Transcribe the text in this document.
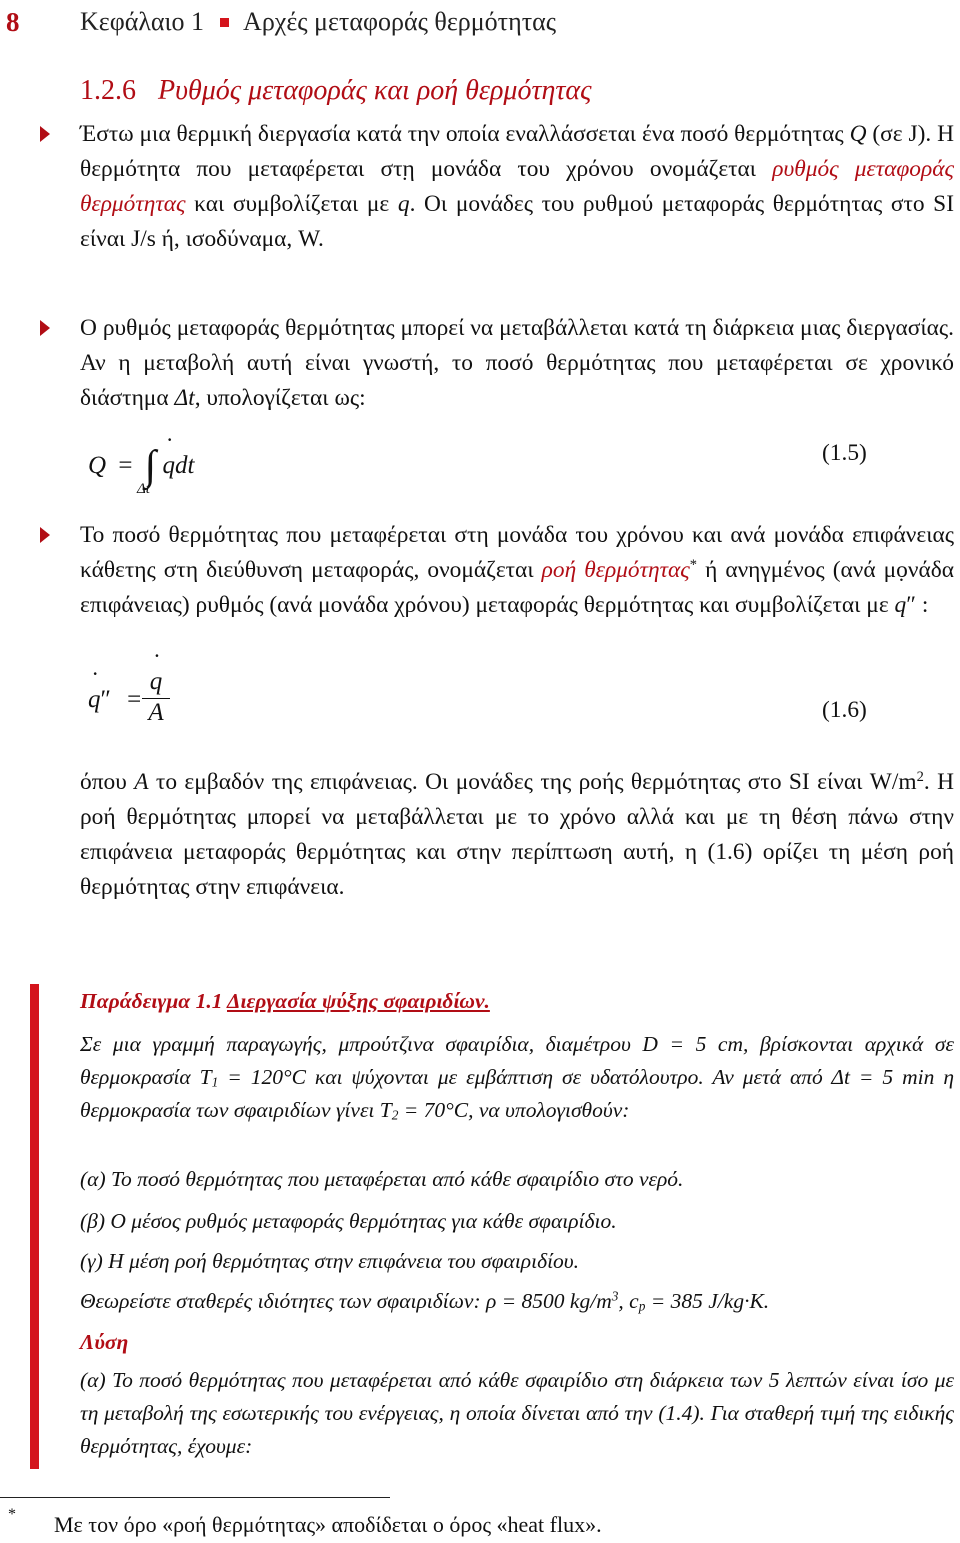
8	Κεφάλαιο 1 Αρχές μεταφοράς θερμότητας
1.2.6 Ρυθμός μεταφοράς και ροή θερμότητας
Έστω μια θερμική διεργασία κατά την οποία εναλλάσσεται ένα ποσό θερμότητας Q (σε J). Η θερμότητα που μεταφέρεται στη μονάδα του χρόνου ονομάζεται ρυθμός μεταφοράς θερμότητας και συμβολίζεται με ˙ q. Οι μονάδες του ρυθμού μεταφοράς θερμότητας στο SI είναι J/s ή, ισοδύναμα, W.
Ο ρυθμός μεταφοράς θερμότητας μπορεί να μεταβάλλεται κατά τη διάρκεια μιας διεργασίας. Αν η μεταβολή αυτή είναι γνωστή, το ποσό θερμότητας που μεταφέρεται σε χρονικό διάστημα Δt, υπολογίζεται ως:
Q = ∫ ˙ qdt
Δt
(1.5)
Το ποσό θερμότητας που μεταφέρεται στη μονάδα του χρόνου και ανά μονάδα επιφάνειας κάθετης στη διεύθυνση μεταφοράς, ονομάζεται ροή θερμότητας* ή ανηγμένος (ανά μονάδα επιφάνειας) ρυθμός (ανά μονάδα χρόνου) μεταφοράς θερμότητας και συμβολίζεται με ˙ q″ :
˙ q″ =
˙ q
A	(1.6)
όπου A το εμβαδόν της επιφάνειας. Οι μονάδες της ροής θερμότητας στο SI είναι $W/m^2$. Η ροή θερμότητας μπορεί να μεταβάλλεται με το χρόνο αλλά και με τη θέση πάνω στην επιφάνεια μεταφοράς θερμότητας και στην περίπτωση αυτή, η (1.6) ορίζει τη μέση ροή θερμότητας στην επιφάνεια.
Παράδειγμα 1.1 Διεργασία ψύξης σφαιριδίων.
Σε μια γραμμή παραγωγής, μπρούτζινα σφαιρίδια, διαμέτρου D = 5 cm, βρίσκονται αρχικά σε θερμοκρασία $T_1 = 120^\circ C$ και ψύχονται με εμβάπτιση σε υδατόλουτρο. Αν μετά από Δt = 5 min η θερμοκρασία των σφαιριδίων γίνει $T_2 = 70^\circ C$, να υπολογισθούν:
(α) Το ποσό θερμότητας που μεταφέρεται από κάθε σφαιρίδιο στο νερό.
(β) Ο μέσος ρυθμός μεταφοράς θερμότητας για κάθε σφαιρίδιο.
(γ) Η μέση ροή θερμότητας στην επιφάνεια του σφαιριδίου.
Θεωρείστε σταθερές ιδιότητες των σφαιριδίων: ρ = 8500 $kg/m^3$, $c_p = 385$ J/kg·K.
Λύση
(α) Το ποσό θερμότητας που μεταφέρεται από κάθε σφαιρίδιο στη διάρκεια των 5 λεπτών είναι ίσο με τη μεταβολή της εσωτερικής του ενέργειας, η οποία δίνεται από την (1.4). Για σταθερή τιμή της ειδικής θερμότητας, έχουμε:
* Με τον όρο «ροή θερμότητας» αποδίδεται ο όρος «heat flux».
